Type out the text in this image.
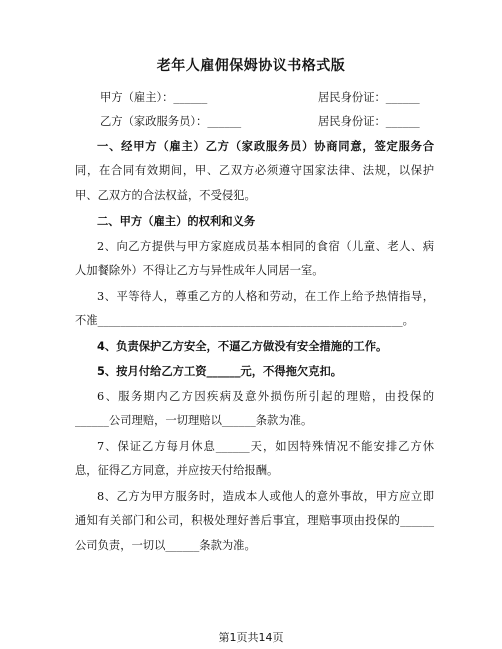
老年人雇佣保姆协议书格式版
甲方（雇主）：______	居民身份证：______
乙方（家政服务员）：______	居民身份证：______
一、经甲方（雇主）乙方（家政服务员）协商同意，签定服务合
同，在合同有效期间，甲、乙双方必须遵守国家法律、法规，以保护
甲、乙双方的合法权益，不受侵犯。
二、甲方（雇主）的权利和义务
2、向乙方提供与甲方家庭成员基本相同的食宿（儿童、老人、病
人加餐除外）不得让乙方与异性成年人同居一室。
3、平等待人，尊重乙方的人格和劳动，在工作上给予热情指导，
不准______________________________________________________。
4、负责保护乙方安全，不逼乙方做没有安全措施的工作。
5、按月付给乙方工资______元，不得拖欠克扣。
6、服务期内乙方因疾病及意外损伤所引起的理赔，由投保的
______公司理赔，一切理赔以______条款为准。
7、保证乙方每月休息______天，如因特殊情况不能安排乙方休
息，征得乙方同意，并应按天付给报酬。
8、乙方为甲方服务时，造成本人或他人的意外事故，甲方应立即
通知有关部门和公司，积极处理好善后事宜，理赔事项由投保的______
公司负责，一切以______条款为准。
第1页共14页
